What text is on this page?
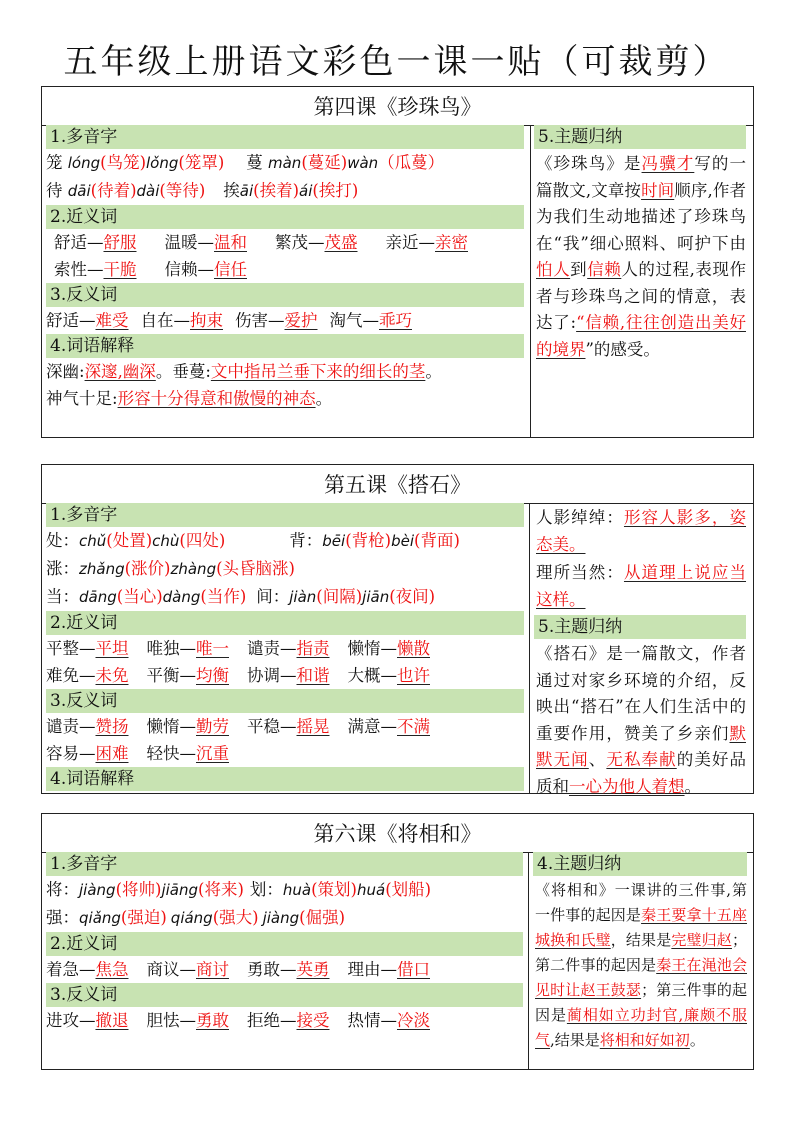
五年级上册语文彩色一课一贴（可裁剪）
第四课《珍珠鸟》
1.多音字
笼 lóng(鸟笼)lǒng(笼罩) 蔓 màn(蔓延)wàn（瓜蔓）
待 dāi(待着)dài(等待) 挨āi(挨着)ái(挨打)
2.近义词
舒适—舒服 温暖—温和 繁茂—茂盛 亲近—亲密
索性—干脆 信赖—信任
3.反义词
舒适—难受 自在—拘束 伤害—爱护 淘气—乖巧
4.词语解释
深幽:深邃,幽深。垂蔓:文中指吊兰垂下来的细长的茎。
神气十足:形容十分得意和傲慢的神态。
5.主题归纳
《珍珠鸟》是冯骥才写的一篇散文,文章按时间顺序,作者为我们生动地描述了珍珠鸟在“我”细心照料、呵护下由怕人到信赖人的过程,表现作者与珍珠鸟之间的情意，表达了:“信赖,往往创造出美好的境界”的感受。
第五课《搭石》
1.多音字
处：chǔ(处置)chù(四处)	背：bēi(背枪)bèi(背面)
涨：zhǎng(涨价)zhàng(头昏脑涨)
当：dāng(当心)dàng(当作) 间：jiàn(间隔)jiān(夜间)
2.近义词
平整—平坦 唯独—唯一 谴责—指责 懒惰—懒散
难免—未免 平衡—均衡 协调—和谐 大概—也许
3.反义词
谴责—赞扬 懒惰—勤劳 平稳—摇晃 满意—不满
容易—困难 轻快—沉重
4.词语解释
人影绰绰：形容人影多，姿态美。
理所当然：从道理上说应当这样。
5.主题归纳
《搭石》是一篇散文，作者通过对家乡环境的介绍，反映出“搭石”在人们生活中的重要作用，赞美了乡亲们默默无闻、无私奉献的美好品质和一心为他人着想。
第六课《将相和》
1.多音字
将：jiàng(将帅)jiāng(将来) 划：huà(策划)huá(划船)
强：qiǎng(强迫) qiáng(强大) jiàng(倔强)
2.近义词
着急—焦急 商议—商讨 勇敢—英勇 理由—借口
3.反义词
进攻—撤退 胆怯—勇敢 拒绝—接受 热情—冷淡
4.主题归纳
《将相和》一课讲的三件事,第一件事的起因是秦王要拿十五座城换和氏璧，结果是完璧归赵；第二件事的起因是秦王在渑池会见时让赵王鼓瑟；第三件事的起因是蔺相如立功封官,廉颇不服气,结果是将相和好如初。
